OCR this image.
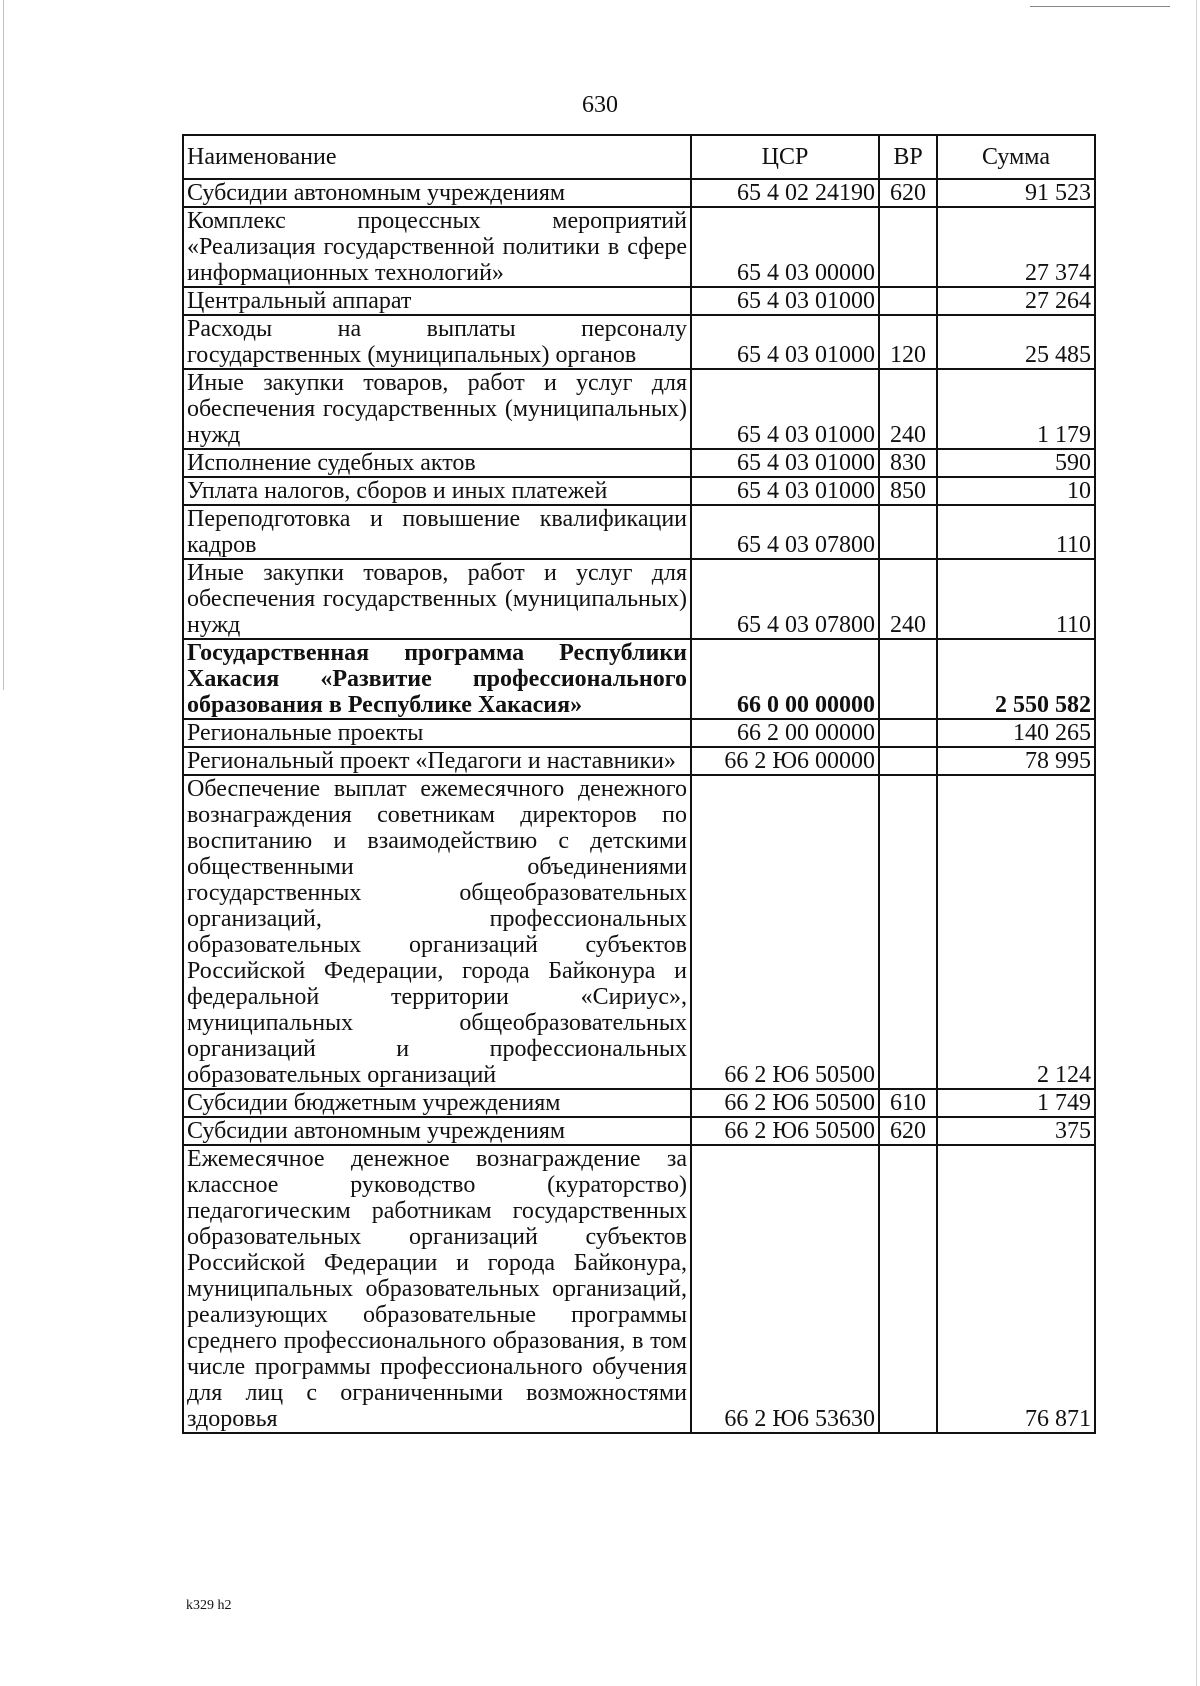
630
Наименование	ЦСР	ВР	Сумма
Субсидии автономным учреждениям	65 4 02 24190	620	91 523
Комплекс процессных мероприятий «Реализация государственной политики в сфере информационных технологий»	65 4 03 00000		27 374
Центральный аппарат	65 4 03 01000		27 264
Расходы на выплаты персоналу государственных (муниципальных) органов	65 4 03 01000	120	25 485
Иные закупки товаров, работ и услуг для обеспечения государственных (муниципальных) нужд	65 4 03 01000	240	1 179
Исполнение судебных актов	65 4 03 01000	830	590
Уплата налогов, сборов и иных платежей	65 4 03 01000	850	10
Переподготовка и повышение квалификации кадров	65 4 03 07800		110
Иные закупки товаров, работ и услуг для обеспечения государственных (муниципальных) нужд	65 4 03 07800	240	110
Государственная программа Республики Хакасия «Развитие профессионального образования в Республике Хакасия»	66 0 00 00000		2 550 582
Региональные проекты	66 2 00 00000		140 265
Региональный проект «Педагоги и наставники»	66 2 Ю6 00000		78 995
Обеспечение выплат ежемесячного денежного вознаграждения советникам директоров по воспитанию и взаимодействию с детскими общественными объединениями государственных общеобразовательных организаций, профессиональных образовательных организаций субъектов Российской Федерации, города Байконура и федеральной территории «Сириус», муниципальных общеобразовательных организаций и профессиональных образовательных организаций	66 2 Ю6 50500		2 124
Субсидии бюджетным учреждениям	66 2 Ю6 50500	610	1 749
Субсидии автономным учреждениям	66 2 Ю6 50500	620	375
Ежемесячное денежное вознаграждение за классное руководство (кураторство) педагогическим работникам государственных образовательных организаций субъектов Российской Федерации и города Байконура, муниципальных образовательных организаций, реализующих образовательные программы среднего профессионального образования, в том числе программы профессионального обучения для лиц с ограниченными возможностями здоровья	66 2 Ю6 53630		76 871
k329 h2
